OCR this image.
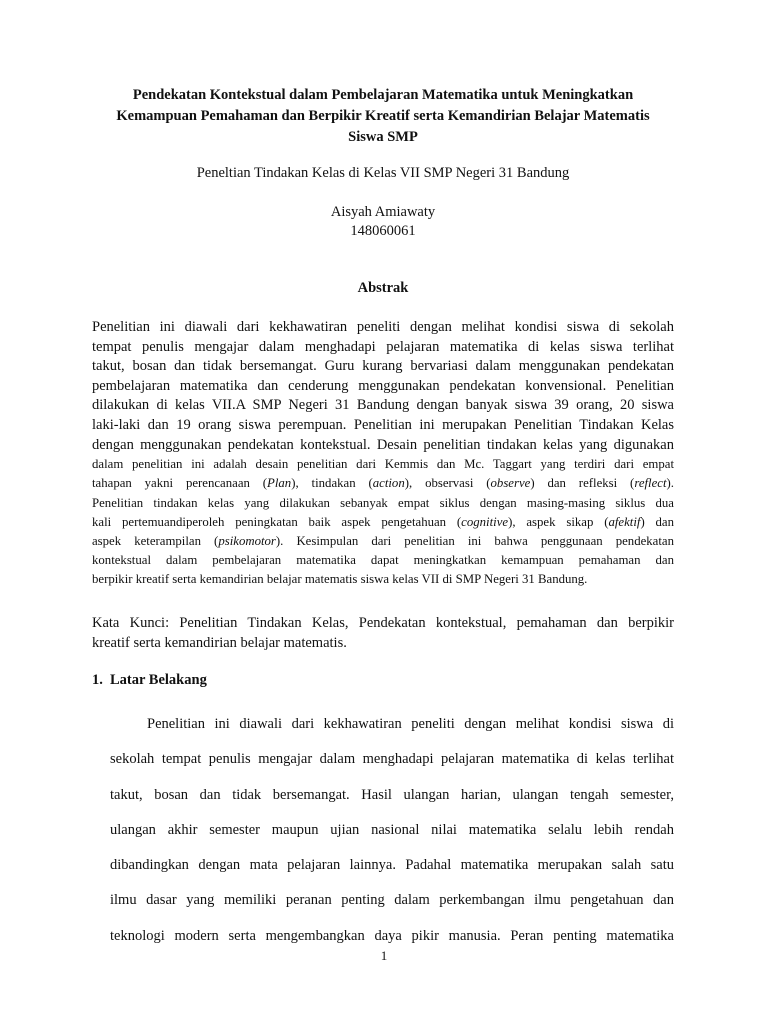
Pendekatan Kontekstual dalam Pembelajaran Matematika untuk Meningkatkan
Kemampuan Pemahaman dan Berpikir Kreatif serta Kemandirian Belajar Matematis
Siswa SMP
Peneltian Tindakan Kelas di Kelas VII SMP Negeri 31 Bandung
Aisyah Amiawaty
148060061
Abstrak
Penelitian ini diawali dari kekhawatiran peneliti dengan melihat kondisi siswa di sekolah
tempat penulis mengajar dalam menghadapi pelajaran matematika di kelas siswa terlihat
takut, bosan dan tidak bersemangat. Guru kurang bervariasi dalam menggunakan pendekatan
pembelajaran matematika dan cenderung menggunakan pendekatan konvensional. Penelitian
dilakukan di kelas VII.A SMP Negeri 31 Bandung dengan banyak siswa 39 orang, 20 siswa
laki-laki dan 19 orang siswa perempuan. Penelitian ini merupakan Penelitian Tindakan Kelas
dengan menggunakan pendekatan kontekstual. Desain penelitian tindakan kelas yang digunakan
dalam penelitian ini adalah desain penelitian dari Kemmis dan Mc. Taggart yang terdiri dari empat
tahapan yakni perencanaan (Plan), tindakan (action), observasi (observe) dan refleksi (reflect).
Penelitian tindakan kelas yang dilakukan sebanyak empat siklus dengan masing-masing siklus dua
kali pertemuandiperoleh peningkatan baik aspek pengetahuan (cognitive), aspek sikap (afektif) dan
aspek keterampilan (psikomotor). Kesimpulan dari penelitian ini bahwa penggunaan pendekatan
kontekstual dalam pembelajaran matematika dapat meningkatkan kemampuan pemahaman dan
berpikir kreatif serta kemandirian belajar matematis siswa kelas VII di SMP Negeri 31 Bandung.
Kata Kunci: Penelitian Tindakan Kelas, Pendekatan kontekstual, pemahaman dan berpikir
kreatif serta kemandirian belajar matematis.
1. Latar Belakang
Penelitian ini diawali dari kekhawatiran peneliti dengan melihat kondisi siswa di
sekolah tempat penulis mengajar dalam menghadapi pelajaran matematika di kelas terlihat
takut, bosan dan tidak bersemangat. Hasil ulangan harian, ulangan tengah semester,
ulangan akhir semester maupun ujian nasional nilai matematika selalu lebih rendah
dibandingkan dengan mata pelajaran lainnya. Padahal matematika merupakan salah satu
ilmu dasar yang memiliki peranan penting dalam perkembangan ilmu pengetahuan dan
teknologi modern serta mengembangkan daya pikir manusia. Peran penting matematika
1
